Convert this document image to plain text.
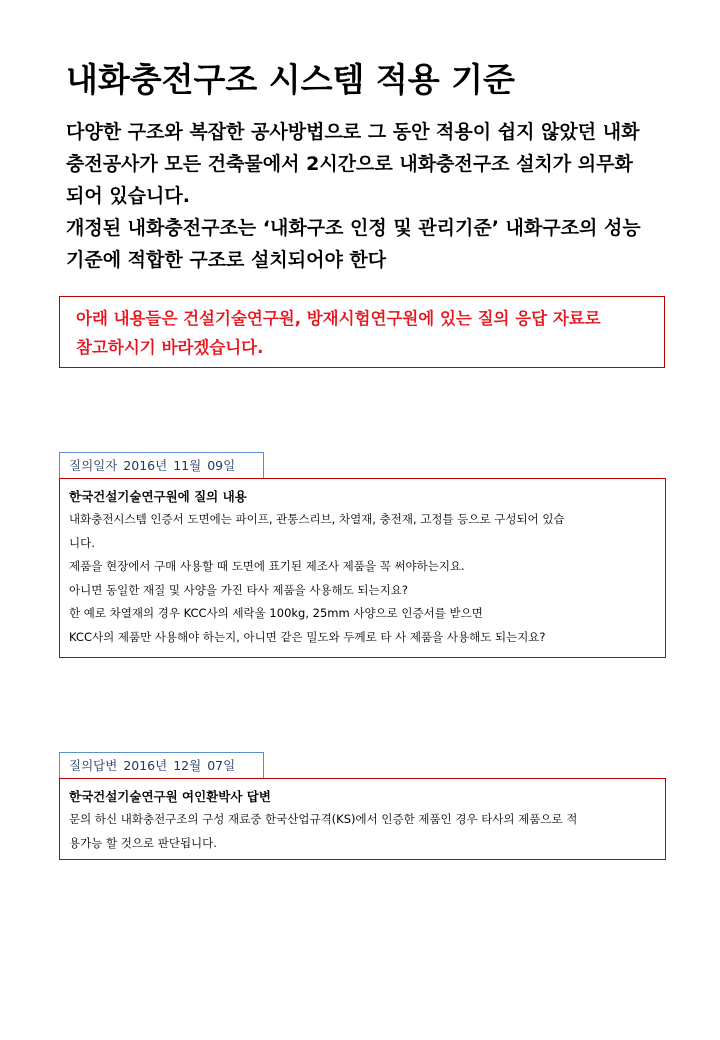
내화충전구조 시스템 적용 기준

다양한 구조와 복잡한 공사방법으로 그 동안 적용이 쉽지 않았던 내화

충전공사가 모든 건축물에서 2시간으로 내화충전구조 설치가 의무화

되어 있습니다.

개정된 내화충전구조는 ‘내화구조 인정 및 관리기준’ 내화구조의 성능

기준에 적합한 구조로 설치되어야 한다

아래 내용들은 건설기술연구원, 방재시험연구원에 있는 질의 응답 자료로

참고하시기 바라겠습니다.

질의일자 2016년 11월 09일

한국건설기술연구원에 질의 내용

내화충전시스템 인증서 도면에는 파이프, 관통스리브, 차열재, 충전재, 고정틀 등으로 구성되어 있습

니다.

제품을 현장에서 구매 사용할 때 도면에 표기된 제조사 제품을 꼭 써야하는지요.

아니면 동일한 재질 및 사양을 가진 타사 제품을 사용해도 되는지요?

한 예로 차열재의 경우 KCC사의 세락울 100kg, 25mm 사양으로 인증서를 받으면

KCC사의 제품만 사용해야 하는지, 아니면 같은 밀도와 두께로 타 사 제품을 사용해도 되는지요?

질의답변 2016년 12월 07일

한국건설기술연구원 여인환박사 답변

문의 하신 내화충전구조의 구성 재료중 한국산업규격(KS)에서 인증한 제품인 경우 타사의 제품으로 적

용가능 할 것으로 판단됩니다.
